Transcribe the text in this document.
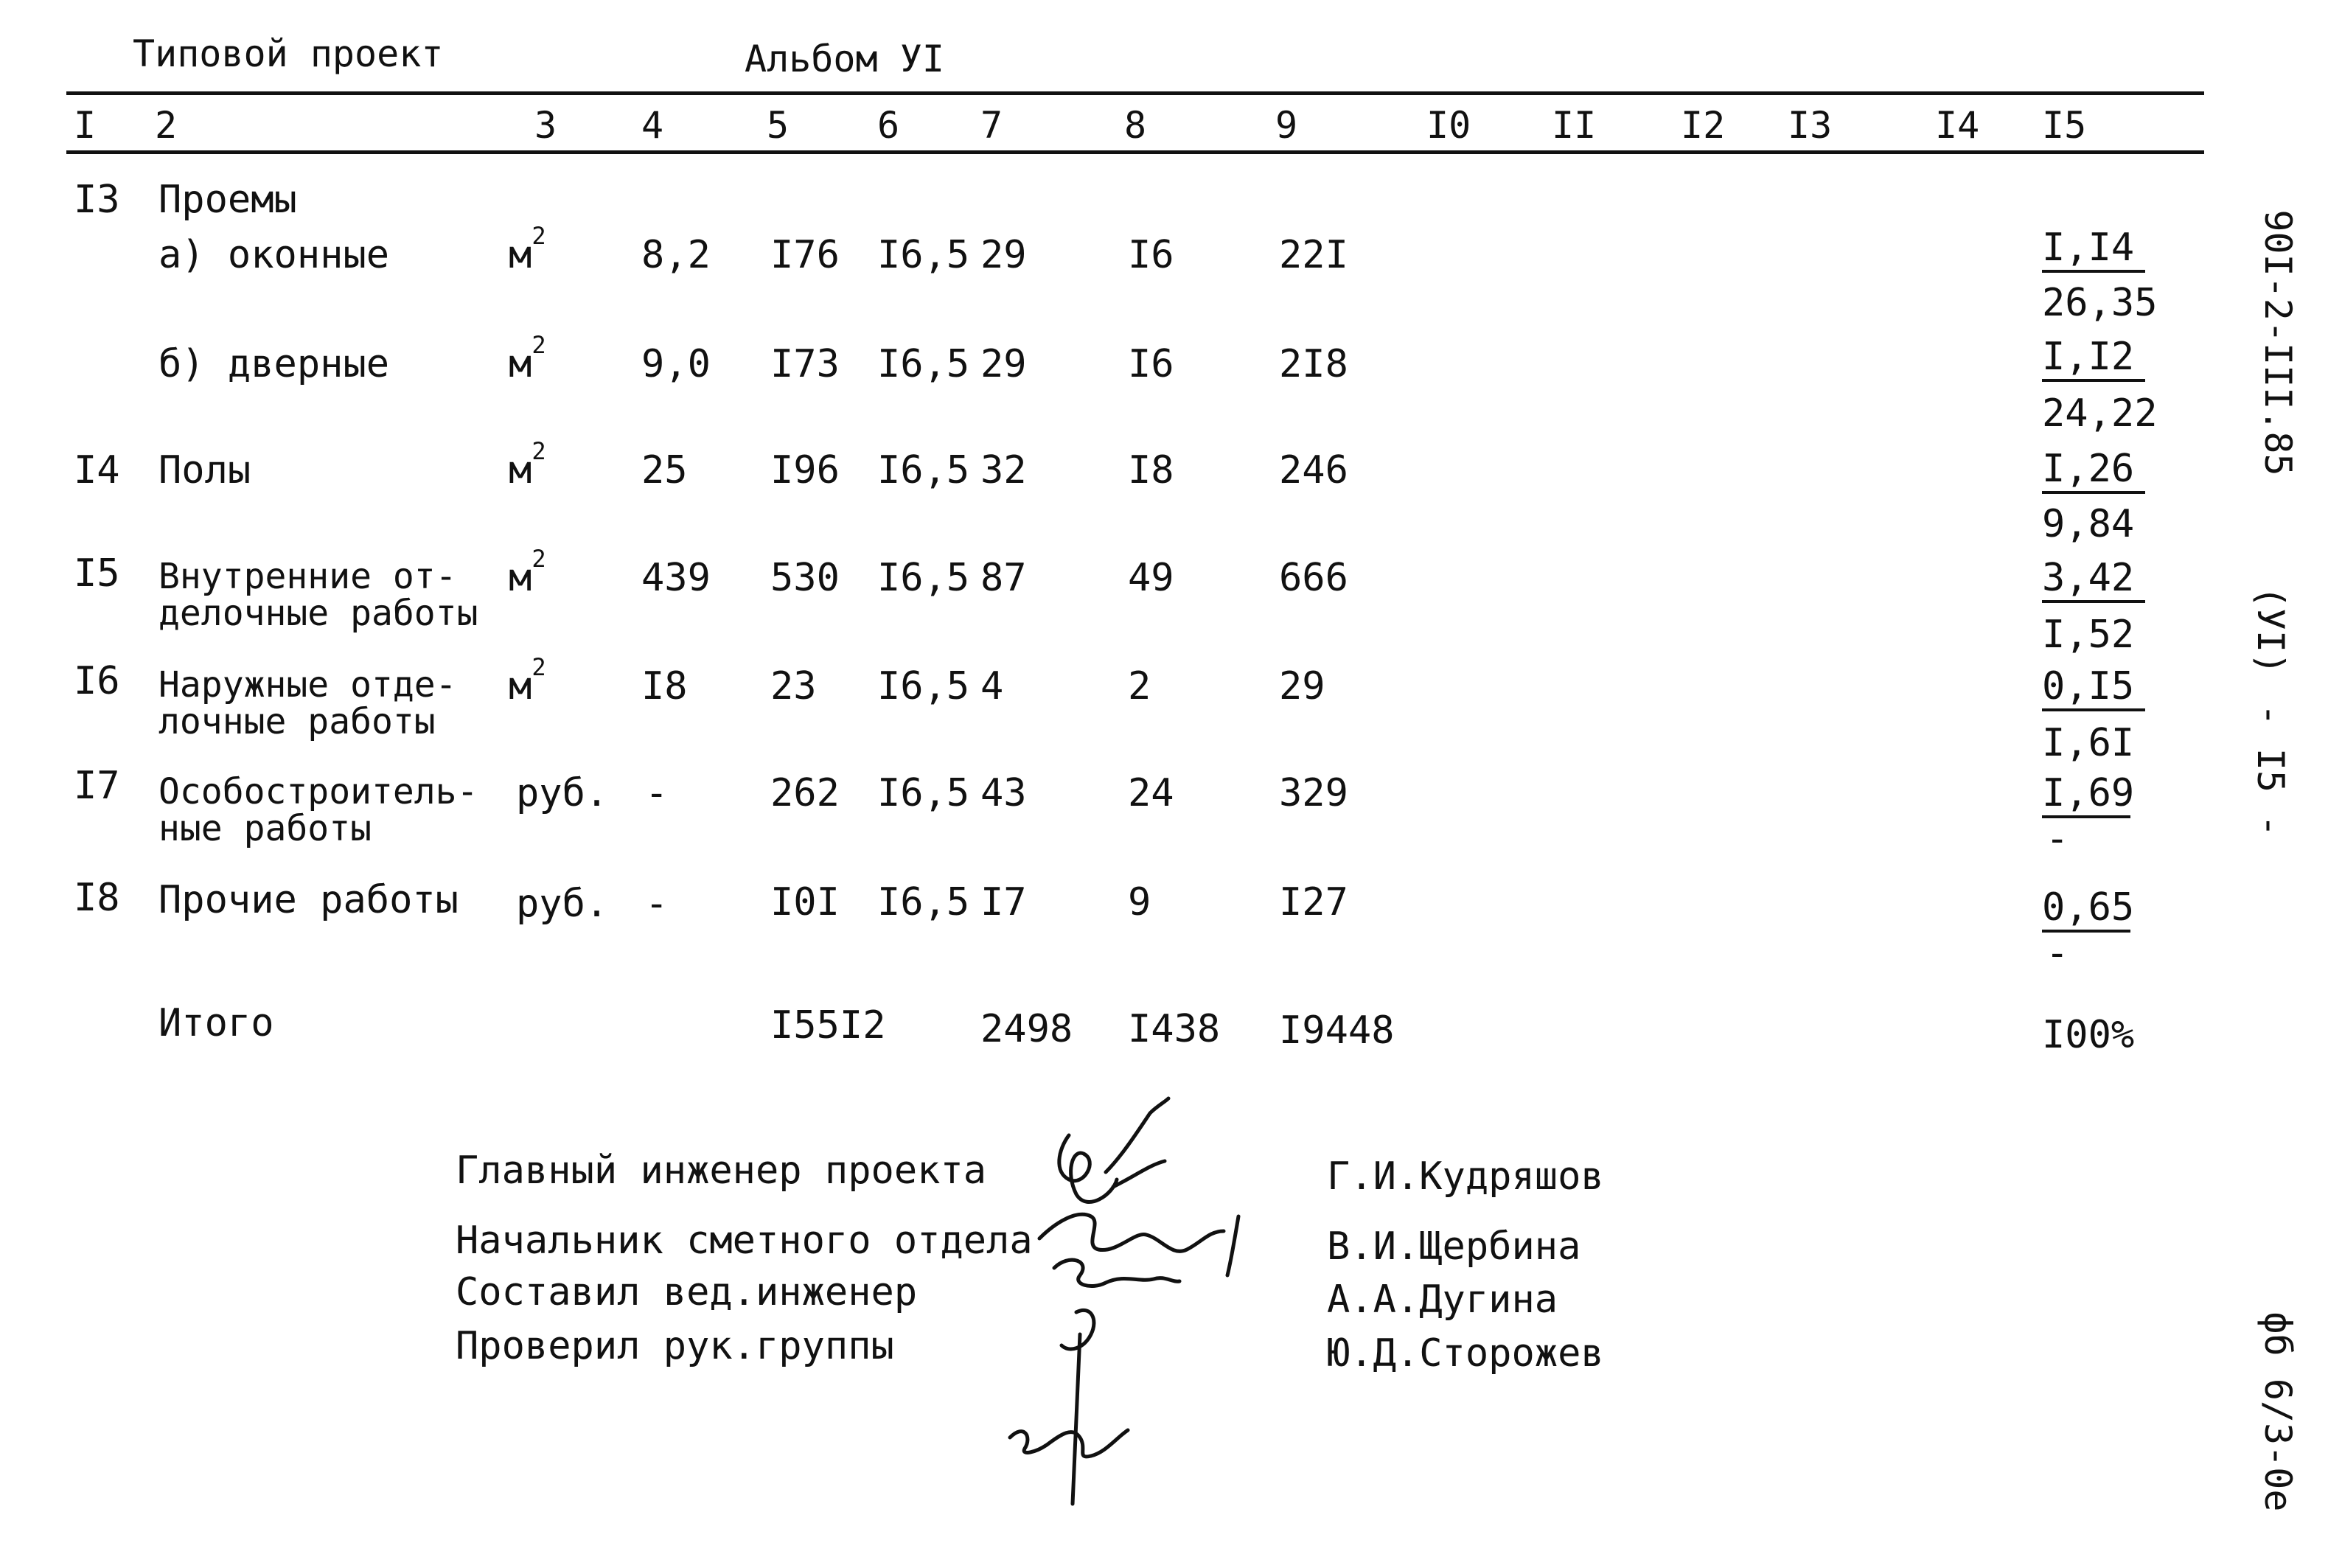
Типовой проект	Альбом УI
I 2	3 4	5 6 7	8	9	I0 II I2 I3	I4 I5
I3 Проемы
а) оконные	$м^2$ 8,2 I76 I6,5 29	I6	22I	I,I4
26,35
б) дверные	$м^2$ 9,0 I73 I6,5 29	I6	2I8	I,I2
24,22
I4 Полы	$м^2$ 25 I96 I6,5 32	I8	246	I,26
9,84
I5 Внутренние от-
делочные работы
$м^2$ 439 530 I6,5 87	49	666	3,42
I,52
I6 Наружные отде-
лочные работы
$м^2$ I8 23 I6,5 4	2	29	0,I5
I,6I
I7 Особостроитель-
ные работы
руб. -	262 I6,5 43	24	329	I,69
-
I8 Прочие работы руб. -	I0I I6,5 I7	9	I27	0,65
-
Итого	I55I2 2498 I438 I9448	I00%
Главный инженер проекта
Начальник сметного отдела
Составил вед.инженер
Проверил рук.группы
Г.И.Кудряшов
В.И.Щербина
А.А.Дугина
Ю.Д.Сторожев
90I-2-III.85
(УI)
- I5 -
фб 6/3-0е
